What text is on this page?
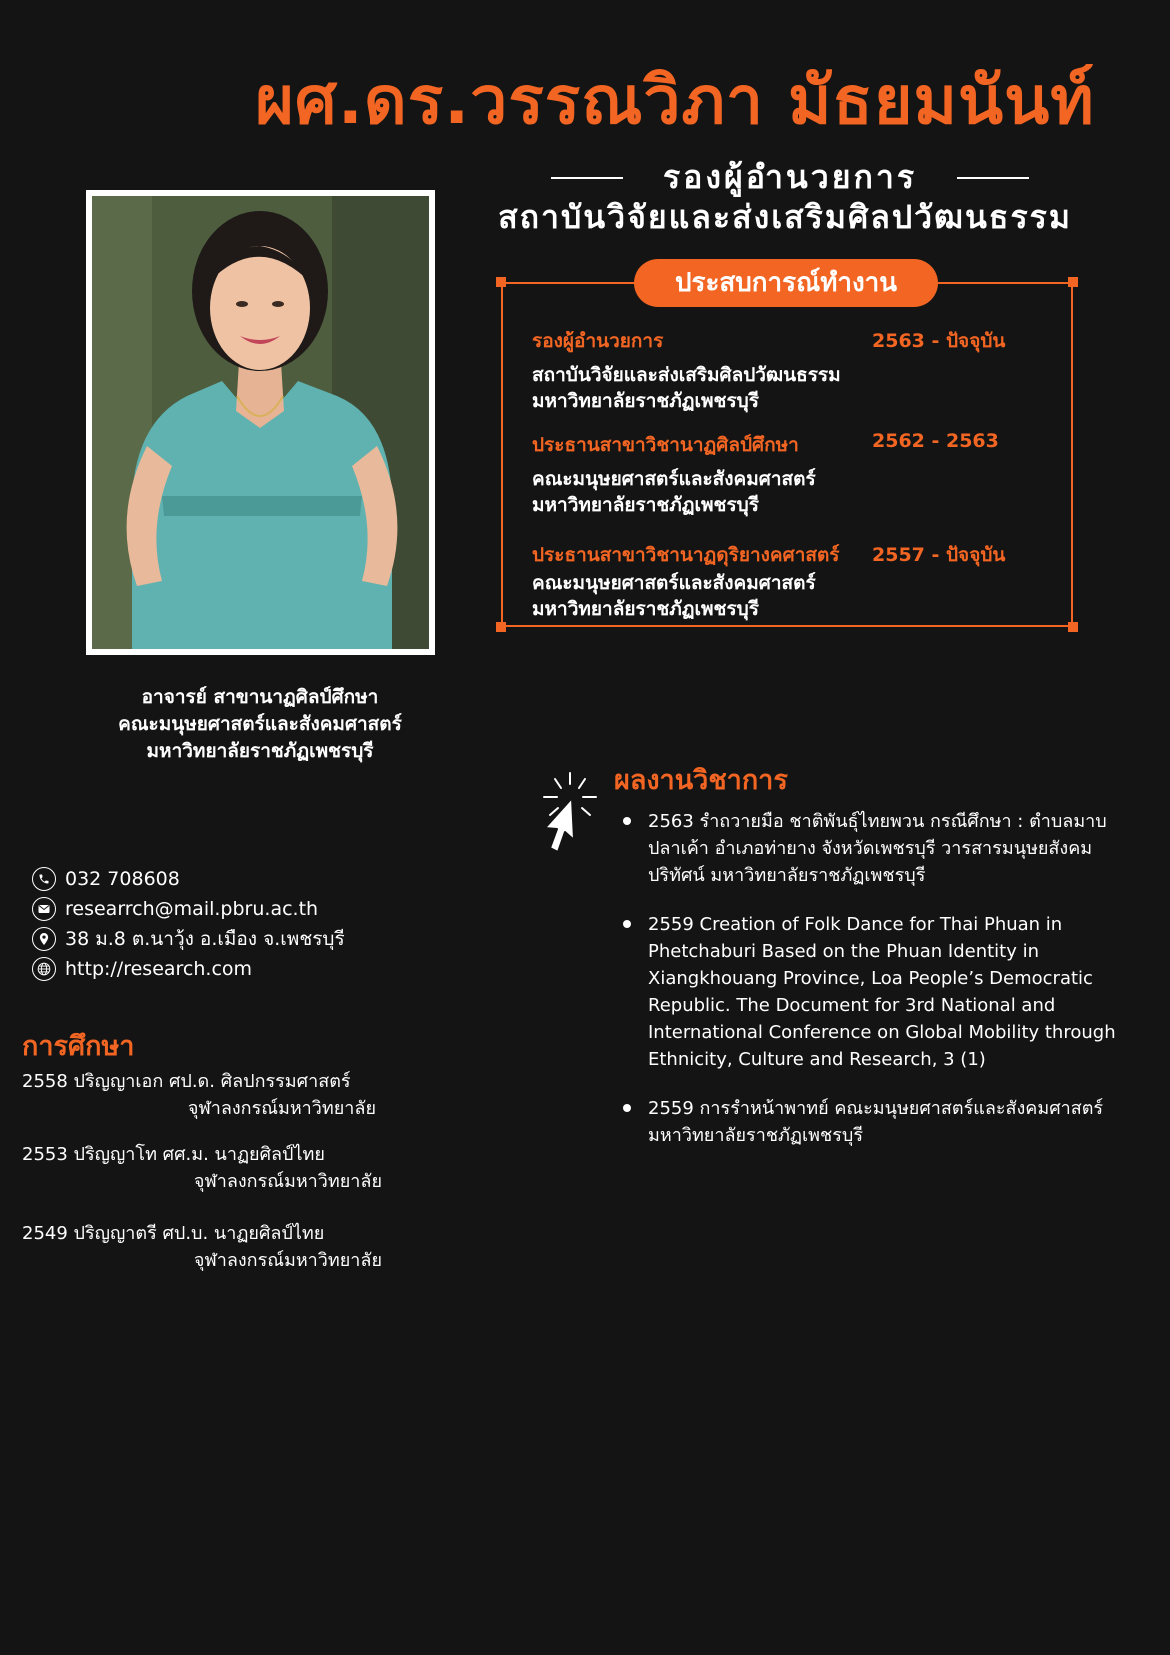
ผศ.ดร.วรรณวิภา มัธยมนันท์
รองผู้อำนวยการ
สถาบันวิจัยและส่งเสริมศิลปวัฒนธรรม
อาจารย์ สาขานาฏศิลป์ศึกษา
คณะมนุษยศาสตร์และสังคมศาสตร์
มหาวิทยาลัยราชภัฏเพชรบุรี
ประสบการณ์ทำงาน
รองผู้อำนวยการ	2563 - ปัจจุบัน
สถาบันวิจัยและส่งเสริมศิลปวัฒนธรรม
มหาวิทยาลัยราชภัฏเพชรบุรี
ประธานสาขาวิชานาฏศิลป์ศึกษา	2562 - 2563
คณะมนุษยศาสตร์และสังคมศาสตร์
มหาวิทยาลัยราชภัฏเพชรบุรี
ประธานสาขาวิชานาฏดุริยางคศาสตร์	2557 - ปัจจุบัน
คณะมนุษยศาสตร์และสังคมศาสตร์
มหาวิทยาลัยราชภัฏเพชรบุรี
032 708608
researrch@mail.pbru.ac.th
38 ม.8 ต.นาวุ้ง อ.เมือง จ.เพชรบุรี
http://research.com
การศึกษา
2558 ปริญญาเอก ศป.ด. ศิลปกรรมศาสตร์
จุฬาลงกรณ์มหาวิทยาลัย
2553 ปริญญาโท ศศ.ม. นาฏยศิลป์ไทย
จุฬาลงกรณ์มหาวิทยาลัย
2549 ปริญญาตรี ศป.บ. นาฏยศิลป์ไทย
จุฬาลงกรณ์มหาวิทยาลัย
ผลงานวิชาการ
2563 รำถวายมือ ชาติพันธุ์ไทยพวน กรณีศึกษา : ตำบลมาบปลาเค้า อำเภอท่ายาง จังหวัดเพชรบุรี วารสารมนุษยสังคมปริทัศน์ มหาวิทยาลัยราชภัฏเพชรบุรี
2559 Creation of Folk Dance for Thai Phuan in Phetchaburi Based on the Phuan Identity in Xiangkhouang Province, Loa People’s Democratic Republic. The Document for 3rd National and International Conference on Global Mobility through Ethnicity, Culture and Research, 3 (1)
2559 การรำหน้าพาทย์ คณะมนุษยศาสตร์และสังคมศาสตร์ มหาวิทยาลัยราชภัฏเพชรบุรี
